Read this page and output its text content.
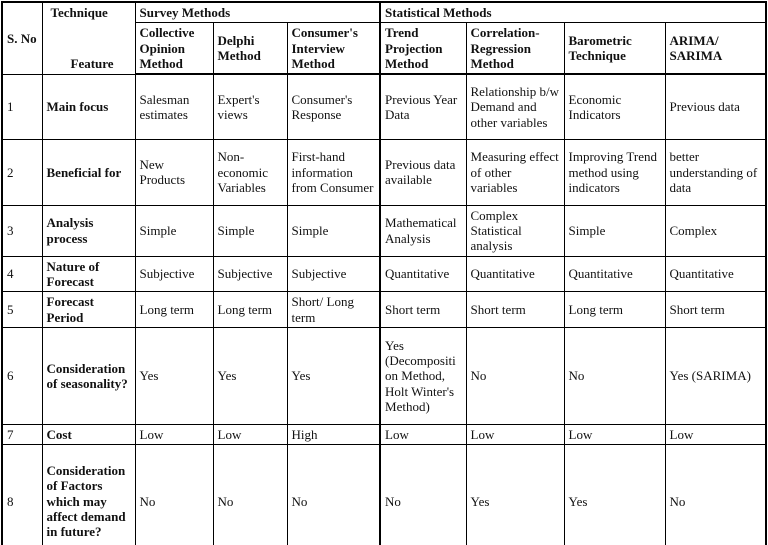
S. No	Technique
Feature	Survey Methods			Statistical Methods			
		Collective Opinion Method	Delphi Method	Consumer's Interview Method	Trend Projection Method	Correlation-Regression Method	Barometric Technique	ARIMA/ SARIMA
1	Main focus	Salesman estimates	Expert's views	Consumer's Response	Previous Year Data	Relationship b/w Demand and other variables	Economic Indicators	Previous data
2	Beneficial for	New Products	Non-economic Variables	First-hand information from Consumer	Previous data available	Measuring effect of other variables	Improving Trend method using indicators	better understanding of data
3	Analysis process	Simple	Simple	Simple	Mathematical Analysis	Complex Statistical analysis	Simple	Complex
4	Nature of Forecast	Subjective	Subjective	Subjective	Quantitative	Quantitative	Quantitative	Quantitative
5	Forecast Period	Long term	Long term	Short/ Long term	Short term	Short term	Long term	Short term
6	Consideration of seasonality?	Yes	Yes	Yes	Yes (Decomposition Method, Holt Winter's Method)	No	No	Yes (SARIMA)
7	Cost	Low	Low	High	Low	Low	Low	Low
8	Consideration of Factors which may affect demand in future?	No	No	No	No	Yes	Yes	No
